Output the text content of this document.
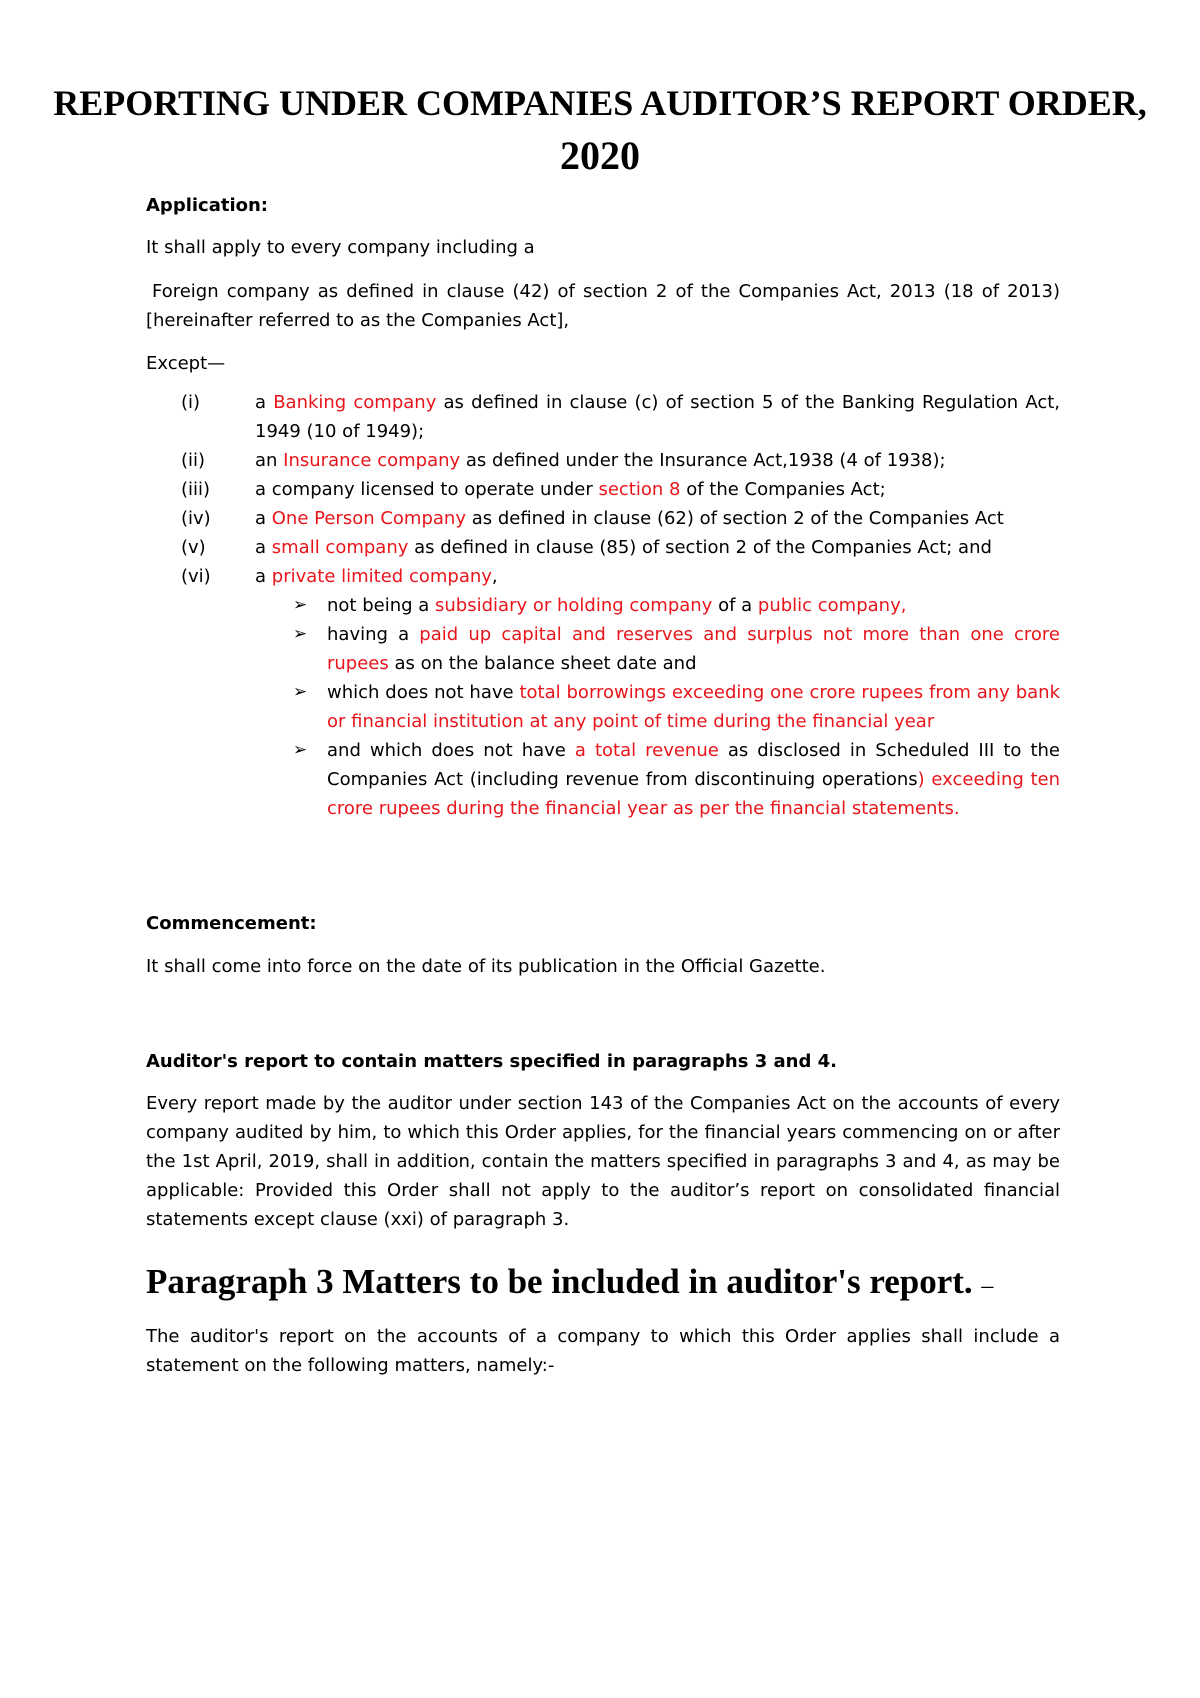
REPORTING UNDER COMPANIES AUDITOR’S REPORT ORDER,
2020

Application:

It shall apply to every company including a

Foreign company as defined in clause (42) of section 2 of the Companies Act, 2013 (18 of 2013)

[hereinafter referred to as the Companies Act],

Except—

(i)	a Banking company as defined in clause (c) of section 5 of the Banking Regulation Act,

1949 (10 of 1949);

(ii)	an Insurance company as defined under the Insurance Act,1938 (4 of 1938);

(iii) a company licensed to operate under section 8 of the Companies Act;

(iv) a One Person Company as defined in clause (62) of section 2 of the Companies Act

(v)	a small company as defined in clause (85) of section 2 of the Companies Act; and

(vi) a private limited company,

➢ not being a subsidiary or holding company of a public company,

➢ having a paid up capital and reserves and surplus not more than one crore

rupees as on the balance sheet date and

➢ which does not have total borrowings exceeding one crore rupees from any bank

or financial institution at any point of time during the financial year

➢ and which does not have a total revenue as disclosed in Scheduled III to the

Companies Act (including revenue from discontinuing operations) exceeding ten

crore rupees during the financial year as per the financial statements.

Commencement:

It shall come into force on the date of its publication in the Official Gazette.

Auditor's report to contain matters specified in paragraphs 3 and 4.

Every report made by the auditor under section 143 of the Companies Act on the accounts of every

company audited by him, to which this Order applies, for the financial years commencing on or after

the 1st April, 2019, shall in addition, contain the matters specified in paragraphs 3 and 4, as may be

applicable: Provided this Order shall not apply to the auditor’s report on consolidated financial

statements except clause (xxi) of paragraph 3.

Paragraph 3 Matters to be included in auditor's report. –

The auditor's report on the accounts of a company to which this Order applies shall include a

statement on the following matters, namely:-
